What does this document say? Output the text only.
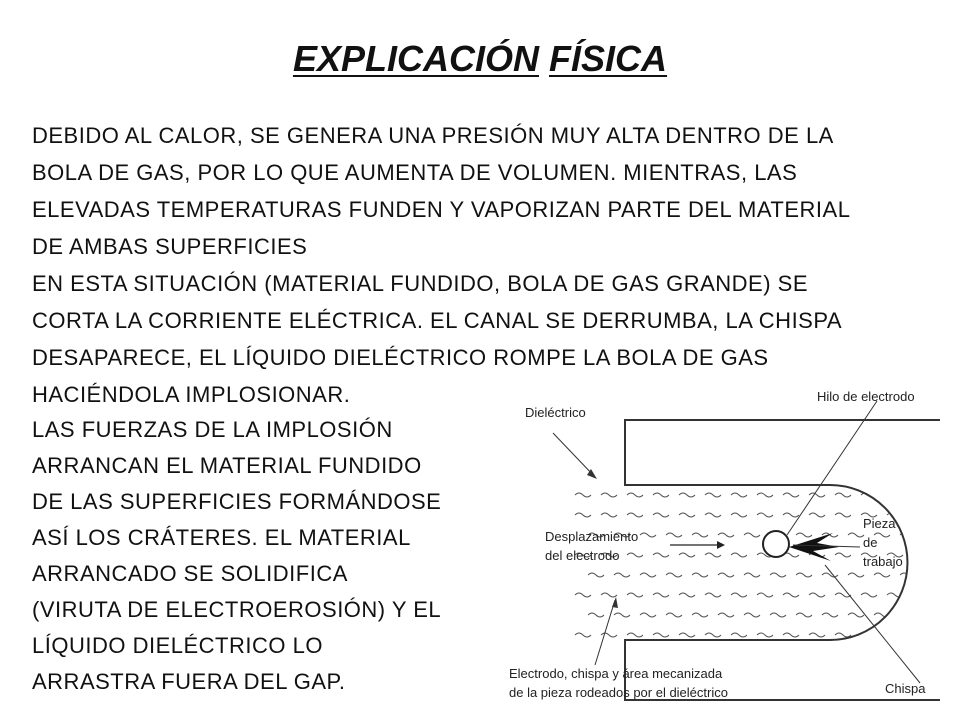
EXPLICACIÓN FÍSICA
DEBIDO AL CALOR, SE GENERA UNA PRESIÓN MUY ALTA DENTRO DE LA
BOLA DE GAS, POR LO QUE AUMENTA DE VOLUMEN. MIENTRAS, LAS
ELEVADAS TEMPERATURAS FUNDEN Y VAPORIZAN PARTE DEL MATERIAL
DE AMBAS SUPERFICIES
EN ESTA SITUACIÓN (MATERIAL FUNDIDO, BOLA DE GAS GRANDE) SE
CORTA LA CORRIENTE ELÉCTRICA. EL CANAL SE DERRUMBA, LA CHISPA
DESAPARECE, EL LÍQUIDO DIELÉCTRICO ROMPE LA BOLA DE GAS
HACIÉNDOLA IMPLOSIONAR.
LAS FUERZAS DE LA IMPLOSIÓN
ARRANCAN EL MATERIAL FUNDIDO
DE LAS SUPERFICIES FORMÁNDOSE
ASÍ LOS CRÁTERES. EL MATERIAL
ARRANCADO SE SOLIDIFICA
(VIRUTA DE ELECTROEROSIÓN) Y EL
LÍQUIDO DIELÉCTRICO LO
ARRASTRA FUERA DEL GAP.
Dieléctrico
Hilo de electrodo
Desplazamiento
del electrodo
Pieza
de
trabajo
Electrodo, chispa y área mecanizada
de la pieza rodeados por el dieléctrico	Chispa
